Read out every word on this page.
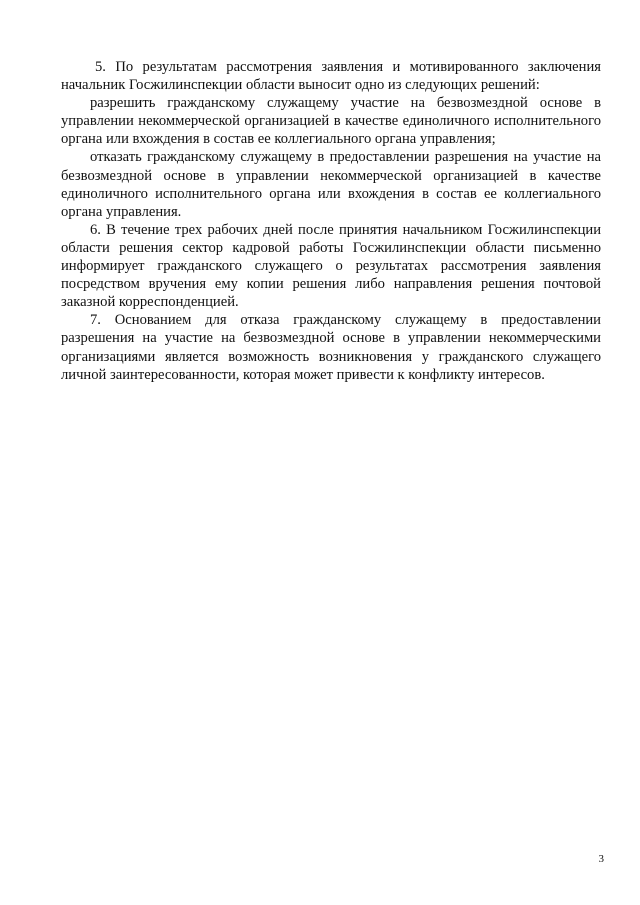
5. По результатам рассмотрения заявления и мотивированного заключения начальник Госжилинспекции области выносит одно из следующих решений:

разрешить гражданскому служащему участие на безвозмездной основе в управлении некоммерческой организацией в качестве единоличного исполнительного органа или вхождения в состав ее коллегиального органа управления;

отказать гражданскому служащему в предоставлении разрешения на участие на безвозмездной основе в управлении некоммерческой организацией в качестве единоличного исполнительного органа или вхождения в состав ее коллегиального органа управления.

6. В течение трех рабочих дней после принятия начальником Госжилинспекции области решения сектор кадровой работы Госжилинспекции области письменно информирует гражданского служащего о результатах рассмотрения заявления посредством вручения ему копии решения либо направления решения почтовой заказной корреспонденцией.

7. Основанием для отказа гражданскому служащему в предоставлении разрешения на участие на безвозмездной основе в управлении некоммерческими организациями является возможность возникновения у гражданского служащего личной заинтересованности, которая может привести к конфликту интересов.

3
